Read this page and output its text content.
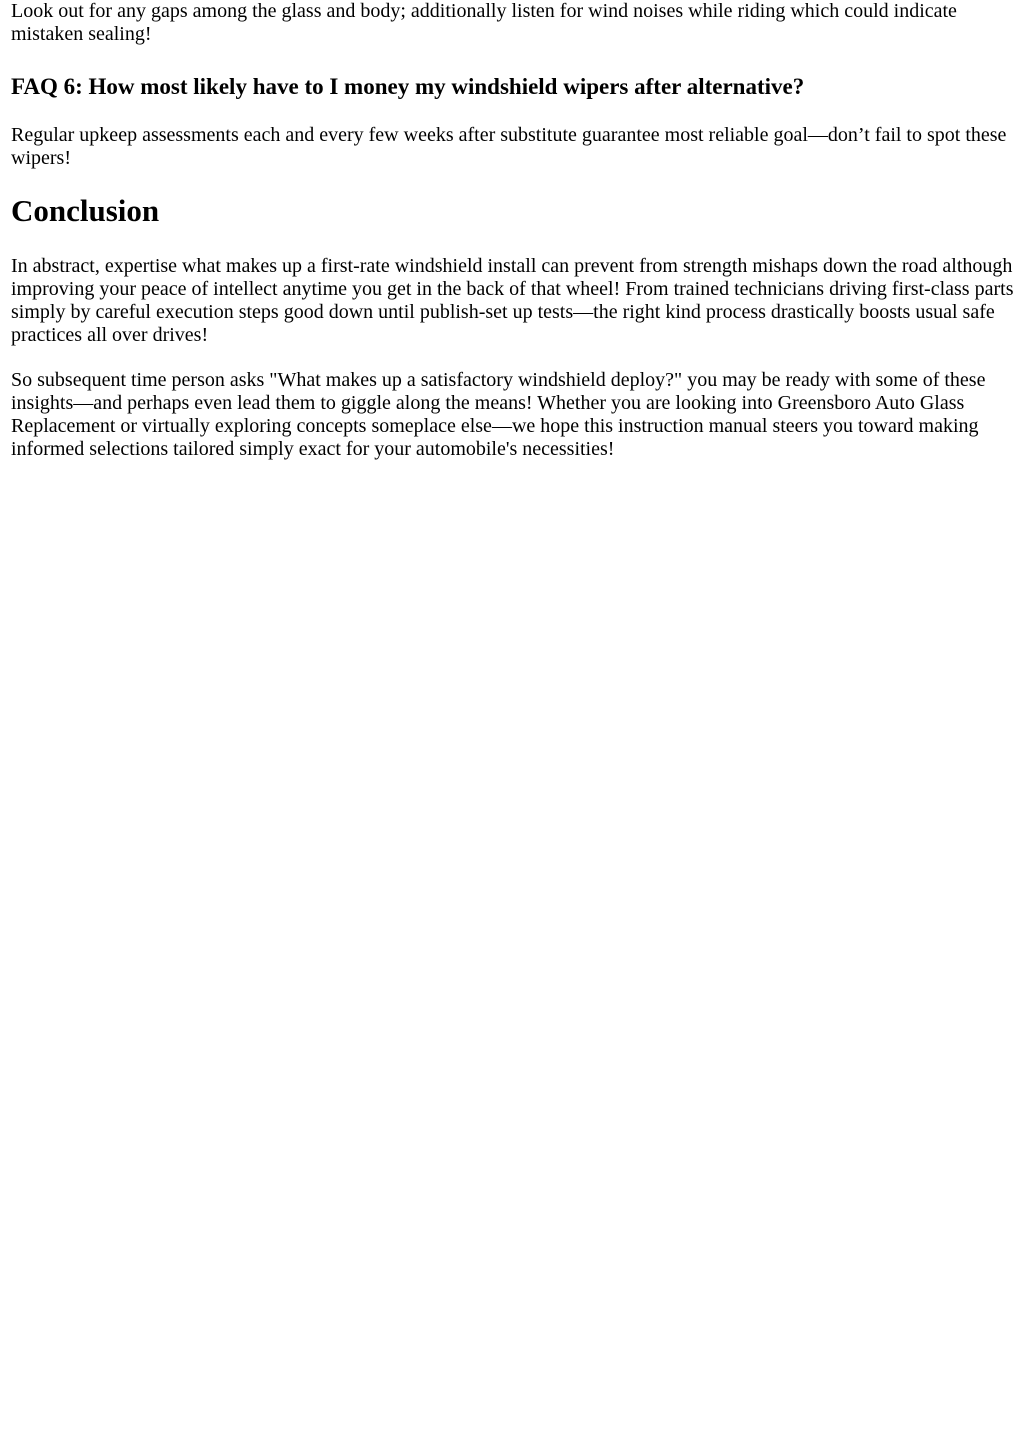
Look out for any gaps among the glass and body; additionally listen for wind noises while riding which could indicate mistaken sealing!

FAQ 6: How most likely have to I money my windshield wipers after alternative?

Regular upkeep assessments each and every few weeks after substitute guarantee most reliable goal—don’t fail to spot these wipers!

Conclusion

In abstract, expertise what makes up a first-rate windshield install can prevent from strength mishaps down the road although improving your peace of intellect anytime you get in the back of that wheel! From trained technicians driving first-class parts simply by careful execution steps good down until publish-set up tests—the right kind process drastically boosts usual safe practices all over drives!

So subsequent time person asks "What makes up a satisfactory windshield deploy?" you may be ready with some of these insights—and perhaps even lead them to giggle along the means! Whether you are looking into Greensboro Auto Glass Replacement or virtually exploring concepts someplace else—we hope this instruction manual steers you toward making informed selections tailored simply exact for your automobile's necessities!
